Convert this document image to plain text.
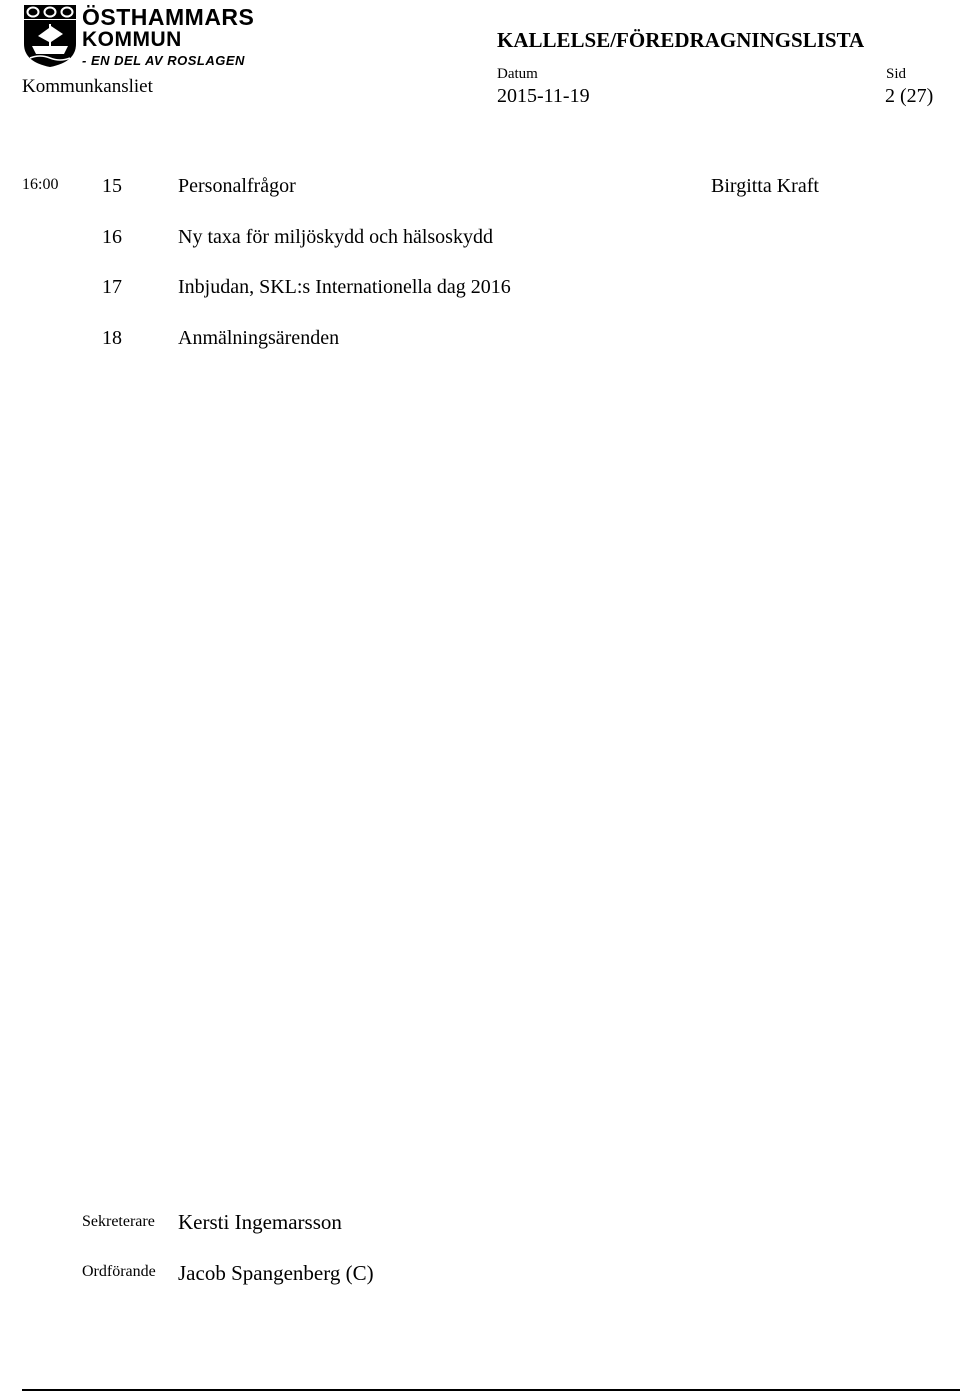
ÖSTHAMMARS
KOMMUN
- EN DEL AV ROSLAGEN
Kommunkansliet
KALLELSE/FÖREDRAGNINGSLISTA
Datum
2015-11-19
Sid
2 (27)
16:00 15	Personalfrågor	Birgitta Kraft
16	Ny taxa för miljöskydd och hälsoskydd
17	Inbjudan, SKL:s Internationella dag 2016
18	Anmälningsärenden
Sekreterare Kersti Ingemarsson
Ordförande Jacob Spangenberg (C)
